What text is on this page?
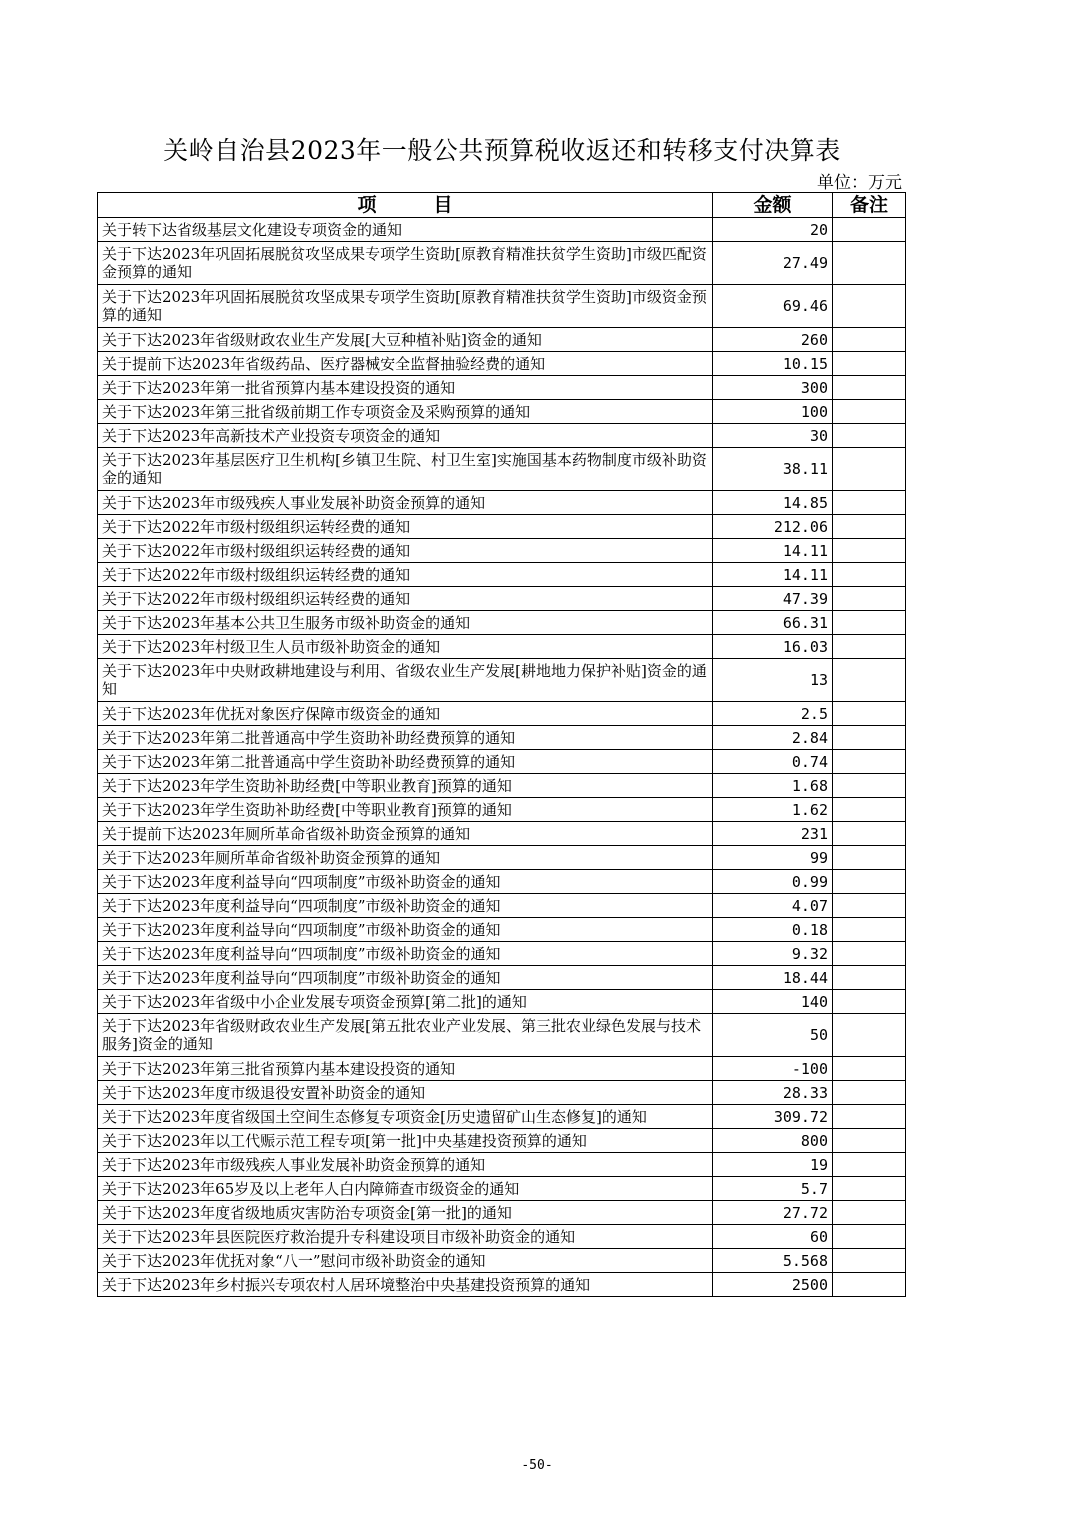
关岭自治县2023年一般公共预算税收返还和转移支付决算表
单位：万元
项　　　目	金额	备注
关于转下达省级基层文化建设专项资金的通知	20	
关于下达2023年巩固拓展脱贫攻坚成果专项学生资助[原教育精准扶贫学生资助]市级匹配资金预算的通知	27.49	
关于下达2023年巩固拓展脱贫攻坚成果专项学生资助[原教育精准扶贫学生资助]市级资金预算的通知	69.46	
关于下达2023年省级财政农业生产发展[大豆种植补贴]资金的通知	260	
关于提前下达2023年省级药品、医疗器械安全监督抽验经费的通知	10.15	
关于下达2023年第一批省预算内基本建设投资的通知	300	
关于下达2023年第三批省级前期工作专项资金及采购预算的通知	100	
关于下达2023年高新技术产业投资专项资金的通知	30	
关于下达2023年基层医疗卫生机构[乡镇卫生院、村卫生室]实施国基本药物制度市级补助资金的通知	38.11	
关于下达2023年市级残疾人事业发展补助资金预算的通知	14.85	
关于下达2022年市级村级组织运转经费的通知	212.06	
关于下达2022年市级村级组织运转经费的通知	14.11	
关于下达2022年市级村级组织运转经费的通知	14.11	
关于下达2022年市级村级组织运转经费的通知	47.39	
关于下达2023年基本公共卫生服务市级补助资金的通知	66.31	
关于下达2023年村级卫生人员市级补助资金的通知	16.03	
关于下达2023年中央财政耕地建设与利用、省级农业生产发展[耕地地力保护补贴]资金的通知	13	
关于下达2023年优抚对象医疗保障市级资金的通知	2.5	
关于下达2023年第二批普通高中学生资助补助经费预算的通知	2.84	
关于下达2023年第二批普通高中学生资助补助经费预算的通知	0.74	
关于下达2023年学生资助补助经费[中等职业教育]预算的通知	1.68	
关于下达2023年学生资助补助经费[中等职业教育]预算的通知	1.62	
关于提前下达2023年厕所革命省级补助资金预算的通知	231	
关于下达2023年厕所革命省级补助资金预算的通知	99	
关于下达2023年度利益导向“四项制度”市级补助资金的通知	0.99	
关于下达2023年度利益导向“四项制度”市级补助资金的通知	4.07	
关于下达2023年度利益导向“四项制度”市级补助资金的通知	0.18	
关于下达2023年度利益导向“四项制度”市级补助资金的通知	9.32	
关于下达2023年度利益导向“四项制度”市级补助资金的通知	18.44	
关于下达2023年省级中小企业发展专项资金预算[第二批]的通知	140	
关于下达2023年省级财政农业生产发展[第五批农业产业发展、第三批农业绿色发展与技术服务]资金的通知	50	
关于下达2023年第三批省预算内基本建设投资的通知	-100	
关于下达2023年度市级退役安置补助资金的通知	28.33	
关于下达2023年度省级国土空间生态修复专项资金[历史遗留矿山生态修复]的通知	309.72	
关于下达2023年以工代赈示范工程专项[第一批]中央基建投资预算的通知	800	
关于下达2023年市级残疾人事业发展补助资金预算的通知	19	
关于下达2023年65岁及以上老年人白内障筛查市级资金的通知	5.7	
关于下达2023年度省级地质灾害防治专项资金[第一批]的通知	27.72	
关于下达2023年县医院医疗救治提升专科建设项目市级补助资金的通知	60	
关于下达2023年优抚对象“八一”慰问市级补助资金的通知	5.568	
关于下达2023年乡村振兴专项农村人居环境整治中央基建投资预算的通知	2500	
-50-
